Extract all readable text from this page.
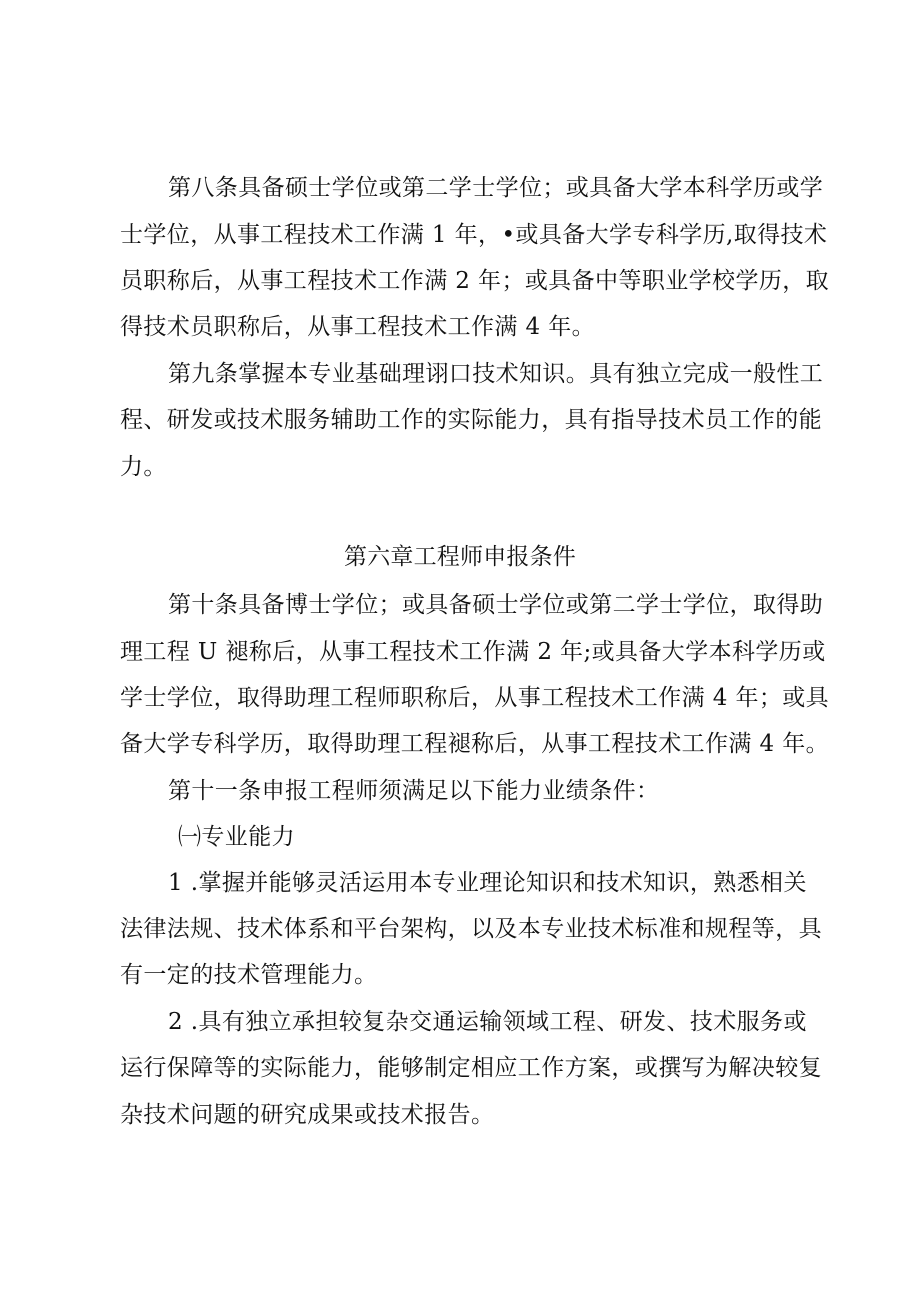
第八条具备硕士学位或第二学士学位；或具备大学本科学历或学
士学位，从事工程技术工作满 1 年，•或具备大学专科学历,取得技术
员职称后，从事工程技术工作满 2 年；或具备中等职业学校学历，取
得技术员职称后，从事工程技术工作满 4 年。
第九条掌握本专业基础理诩口技术知识。具有独立完成一般性工
程、研发或技术服务辅助工作的实际能力，具有指导技术员工作的能
力。
第六章工程师申报条件
第十条具备博士学位；或具备硕士学位或第二学士学位，取得助
理工程 U 褪称后，从事工程技术工作满 2 年;或具备大学本科学历或
学士学位，取得助理工程师职称后，从事工程技术工作满 4 年；或具
备大学专科学历，取得助理工程褪称后，从事工程技术工作满 4 年。
第十一条申报工程师须满足以下能力业绩条件：
㈠专业能力
1 .掌握并能够灵活运用本专业理论知识和技术知识，熟悉相关
法律法规、技术体系和平台架构，以及本专业技术标准和规程等，具
有一定的技术管理能力。
2 .具有独立承担较复杂交通运输领域工程、研发、技术服务或
运行保障等的实际能力，能够制定相应工作方案，或撰写为解决较复
杂技术问题的研究成果或技术报告。
